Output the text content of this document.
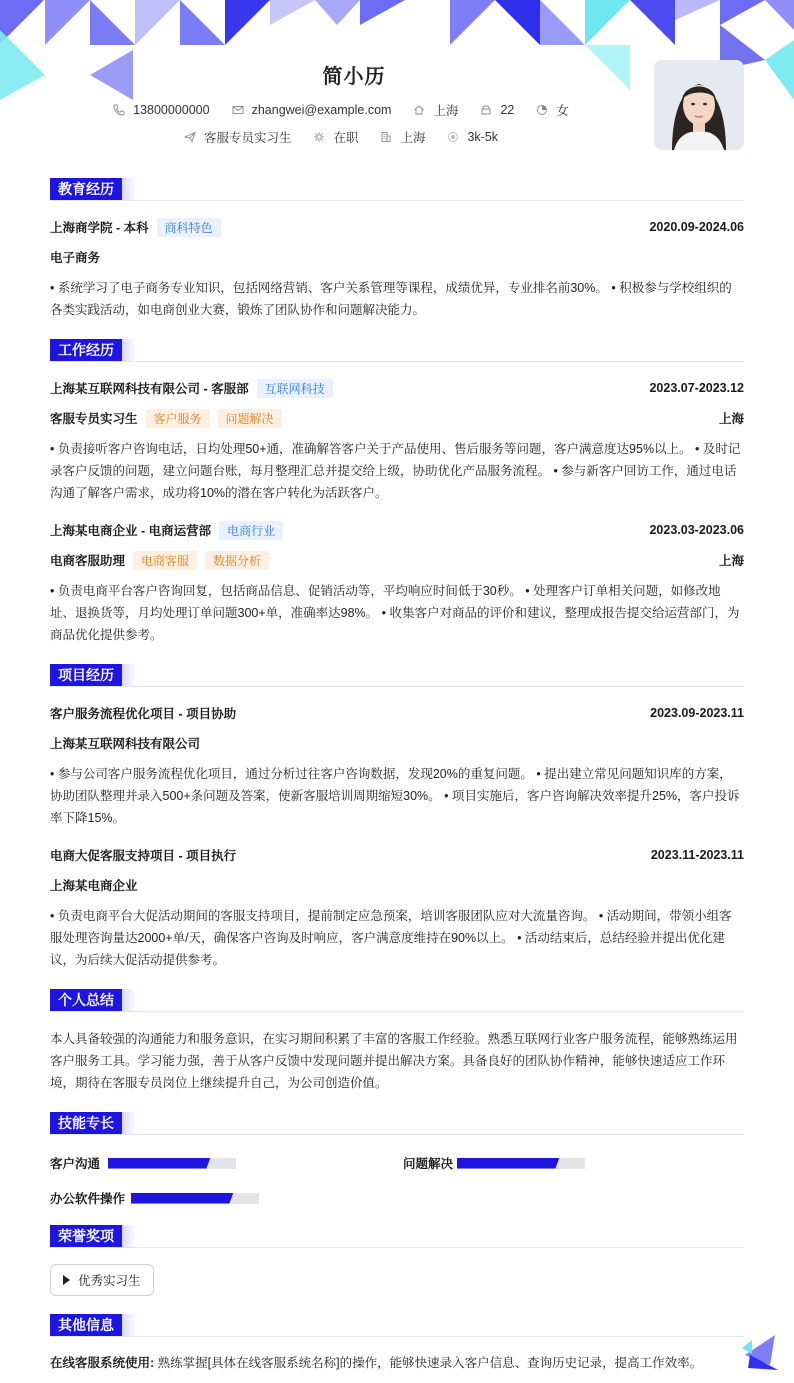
简小历
13800000000	zhangwei@example.com	上海	22	女
客服专员实习生	在职	上海	3k-5k
教育经历
上海商学院 - 本科	商科特色	2020.09-2024.06
电子商务
• 系统学习了电子商务专业知识，包括网络营销、客户关系管理等课程，成绩优异，专业排名前30%。 • 积极参与学校组织的各类实践活动，如电商创业大赛，锻炼了团队协作和问题解决能力。
工作经历
上海某互联网科技有限公司 - 客服部	互联网科技	2023.07-2023.12
客服专员实习生	客户服务	问题解决	上海
• 负责接听客户咨询电话，日均处理50+通，准确解答客户关于产品使用、售后服务等问题，客户满意度达95%以上。 • 及时记录客户反馈的问题，建立问题台账，每月整理汇总并提交给上级，协助优化产品服务流程。 • 参与新客户回访工作，通过电话沟通了解客户需求，成功将10%的潜在客户转化为活跃客户。
上海某电商企业 - 电商运营部	电商行业	2023.03-2023.06
电商客服助理	电商客服	数据分析	上海
• 负责电商平台客户咨询回复，包括商品信息、促销活动等，平均响应时间低于30秒。 • 处理客户订单相关问题，如修改地址、退换货等，月均处理订单问题300+单，准确率达98%。 • 收集客户对商品的评价和建议，整理成报告提交给运营部门，为商品优化提供参考。
项目经历
客户服务流程优化项目 - 项目协助	2023.09-2023.11
上海某互联网科技有限公司
• 参与公司客户服务流程优化项目，通过分析过往客户咨询数据，发现20%的重复问题。 • 提出建立常见问题知识库的方案，协助团队整理并录入500+条问题及答案，使新客服培训周期缩短30%。 • 项目实施后，客户咨询解决效率提升25%，客户投诉率下降15%。
电商大促客服支持项目 - 项目执行	2023.11-2023.11
上海某电商企业
• 负责电商平台大促活动期间的客服支持项目，提前制定应急预案，培训客服团队应对大流量咨询。 • 活动期间，带领小组客服处理咨询量达2000+单/天，确保客户咨询及时响应，客户满意度维持在90%以上。 • 活动结束后，总结经验并提出优化建议，为后续大促活动提供参考。
个人总结
本人具备较强的沟通能力和服务意识，在实习期间积累了丰富的客服工作经验。熟悉互联网行业客户服务流程，能够熟练运用客户服务工具。学习能力强，善于从客户反馈中发现问题并提出解决方案。具备良好的团队协作精神，能够快速适应工作环境，期待在客服专员岗位上继续提升自己，为公司创造价值。
技能专长
客户沟通	问题解决
办公软件操作
荣誉奖项
优秀实习生
其他信息
在线客服系统使用: 熟练掌握[具体在线客服系统名称]的操作，能够快速录入客户信息、查询历史记录，提高工作效率。
